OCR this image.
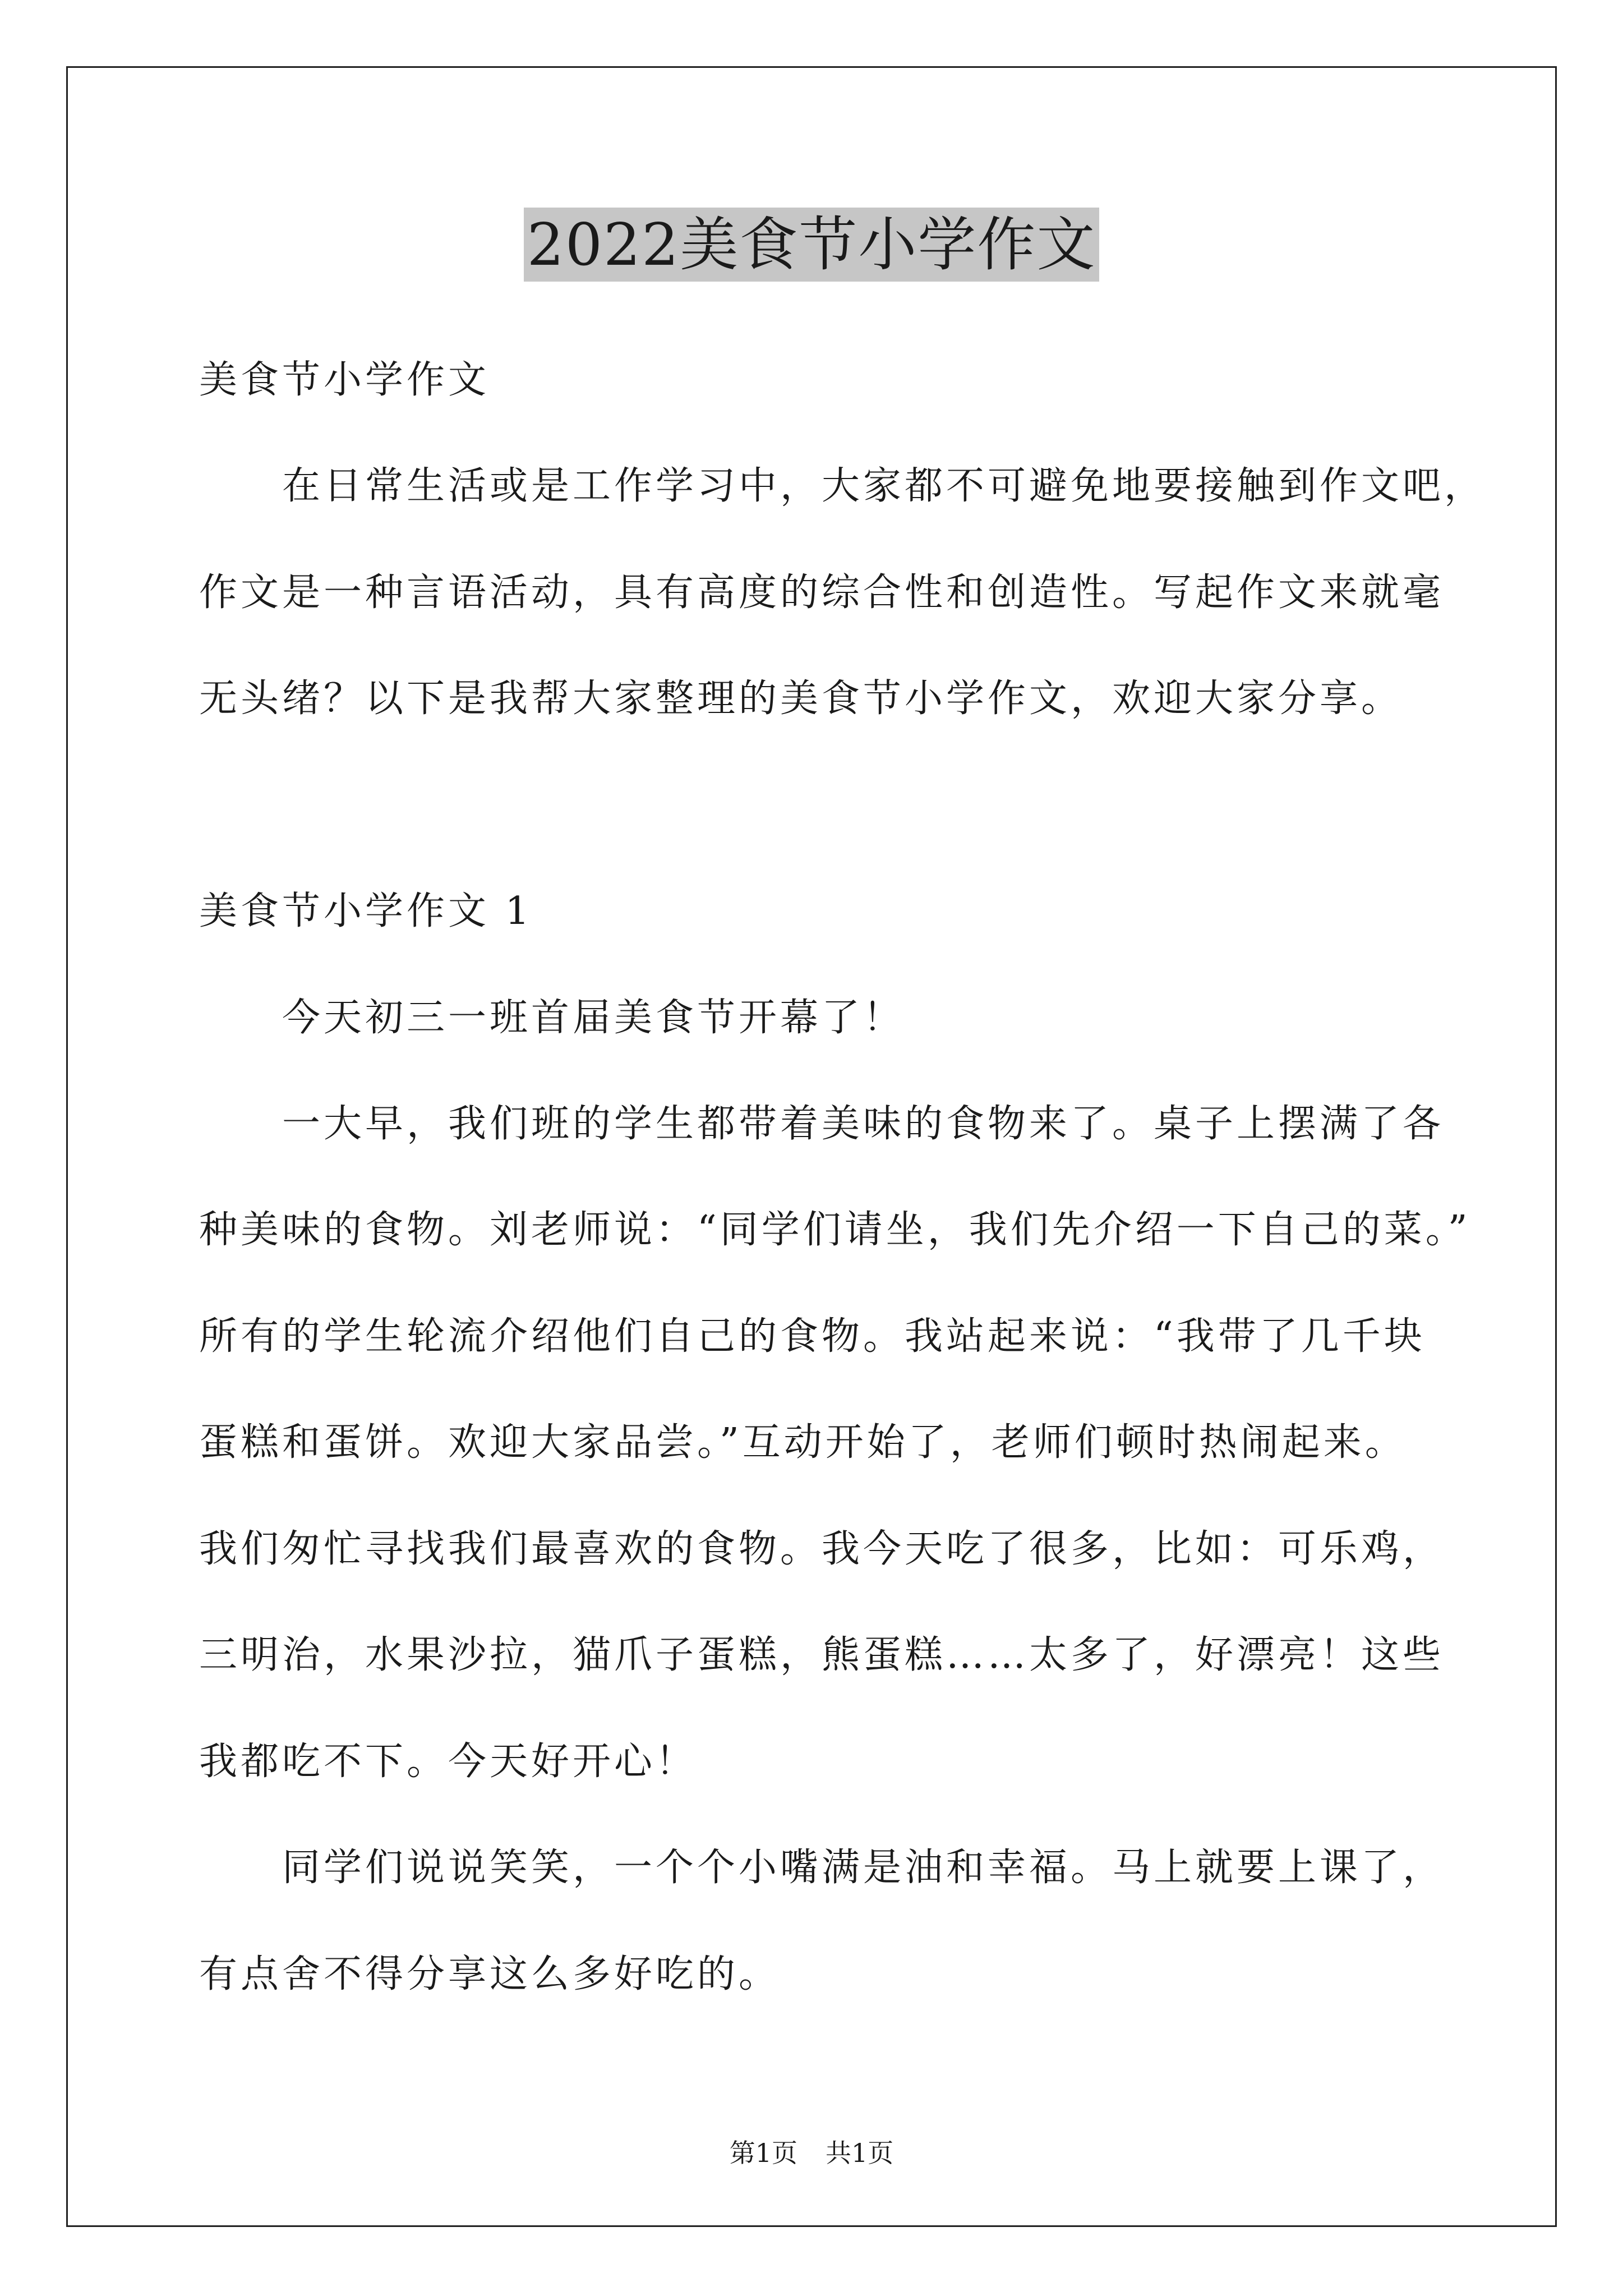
2022美食节小学作文
美食节小学作文
　　在日常生活或是工作学习中，大家都不可避免地要接触到作文吧，
作文是一种言语活动，具有高度的综合性和创造性。写起作文来就毫
无头绪？以下是我帮大家整理的美食节小学作文，欢迎大家分享。
美食节小学作文 1
　　今天初三一班首届美食节开幕了！
　　一大早，我们班的学生都带着美味的食物来了。桌子上摆满了各
种美味的食物。刘老师说：“同学们请坐，我们先介绍一下自己的菜。”
所有的学生轮流介绍他们自己的食物。我站起来说：“我带了几千块
蛋糕和蛋饼。欢迎大家品尝。”互动开始了，老师们顿时热闹起来。
我们匆忙寻找我们最喜欢的食物。我今天吃了很多，比如：可乐鸡，
三明治，水果沙拉，猫爪子蛋糕，熊蛋糕……太多了，好漂亮！这些
我都吃不下。今天好开心！
　　同学们说说笑笑，一个个小嘴满是油和幸福。马上就要上课了，
有点舍不得分享这么多好吃的。
第1页 共1页
